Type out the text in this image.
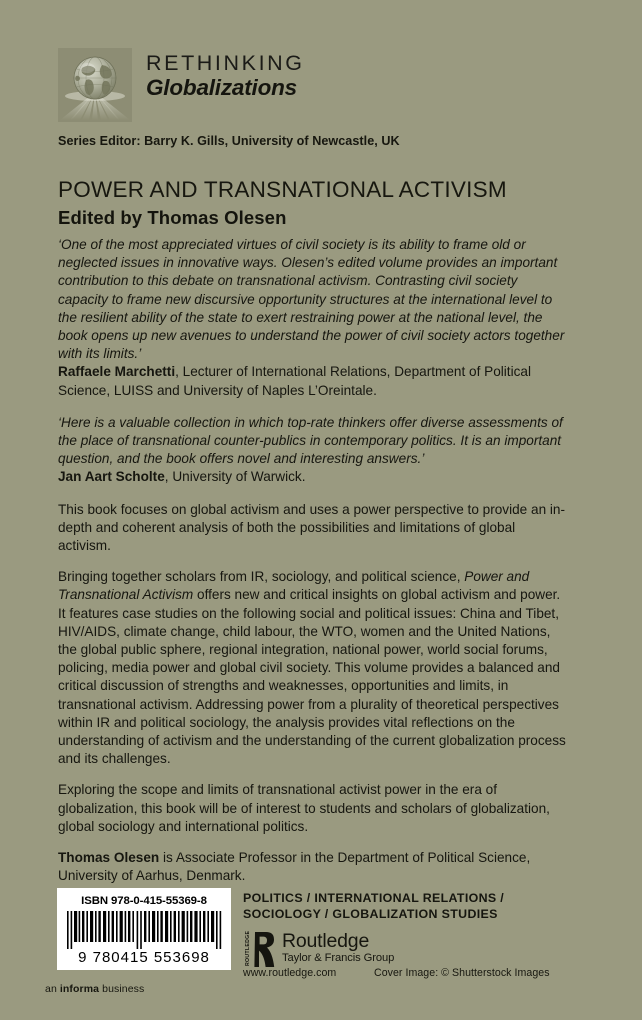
RETHINKING
Globalizations
Series Editor: Barry K. Gills, University of Newcastle, UK
POWER AND TRANSNATIONAL ACTIVISM
Edited by Thomas Olesen

‘One of the most appreciated virtues of civil society is its ability to frame old or neglected issues in innovative ways. Olesen’s edited volume provides an important contribution to this debate on transnational activism. Contrasting civil society capacity to frame new discursive opportunity structures at the international level to the resilient ability of the state to exert restraining power at the national level, the book opens up new avenues to understand the power of civil society actors together with its limits.’

Raffaele Marchetti, Lecturer of International Relations, Department of Political Science, LUISS and University of Naples L’Oreintale.

‘Here is a valuable collection in which top-rate thinkers offer diverse assessments of the place of transnational counter-publics in contemporary politics. It is an important question, and the book offers novel and interesting answers.’

Jan Aart Scholte, University of Warwick.

This book focuses on global activism and uses a power perspective to provide an in-depth and coherent analysis of both the possibilities and limitations of global activism.

Bringing together scholars from IR, sociology, and political science, Power and Transnational Activism offers new and critical insights on global activism and power. It features case studies on the following social and political issues: China and Tibet, HIV/AIDS, climate change, child labour, the WTO, women and the United Nations, the global public sphere, regional integration, national power, world social forums, policing, media power and global civil society. This volume provides a balanced and critical discussion of strengths and weaknesses, opportunities and limits, in transnational activism. Addressing power from a plurality of theoretical perspectives within IR and political sociology, the analysis provides vital reflections on the understanding of activism and the understanding of the current globalization process and its challenges.

Exploring the scope and limits of transnational activist power in the era of globalization, this book will be of interest to students and scholars of globalization, global sociology and international politics.

Thomas Olesen is Associate Professor in the Department of Political Science, University of Aarhus, Denmark.

ISBN 978-0-415-55369-8
9 780415 553698
an informa business
POLITICS / INTERNATIONAL RELATIONS /
SOCIOLOGY / GLOBALIZATION STUDIES
ROUTLEDGE Routledge
Taylor & Francis Group
www.routledge.com	Cover Image: © Shutterstock Images
